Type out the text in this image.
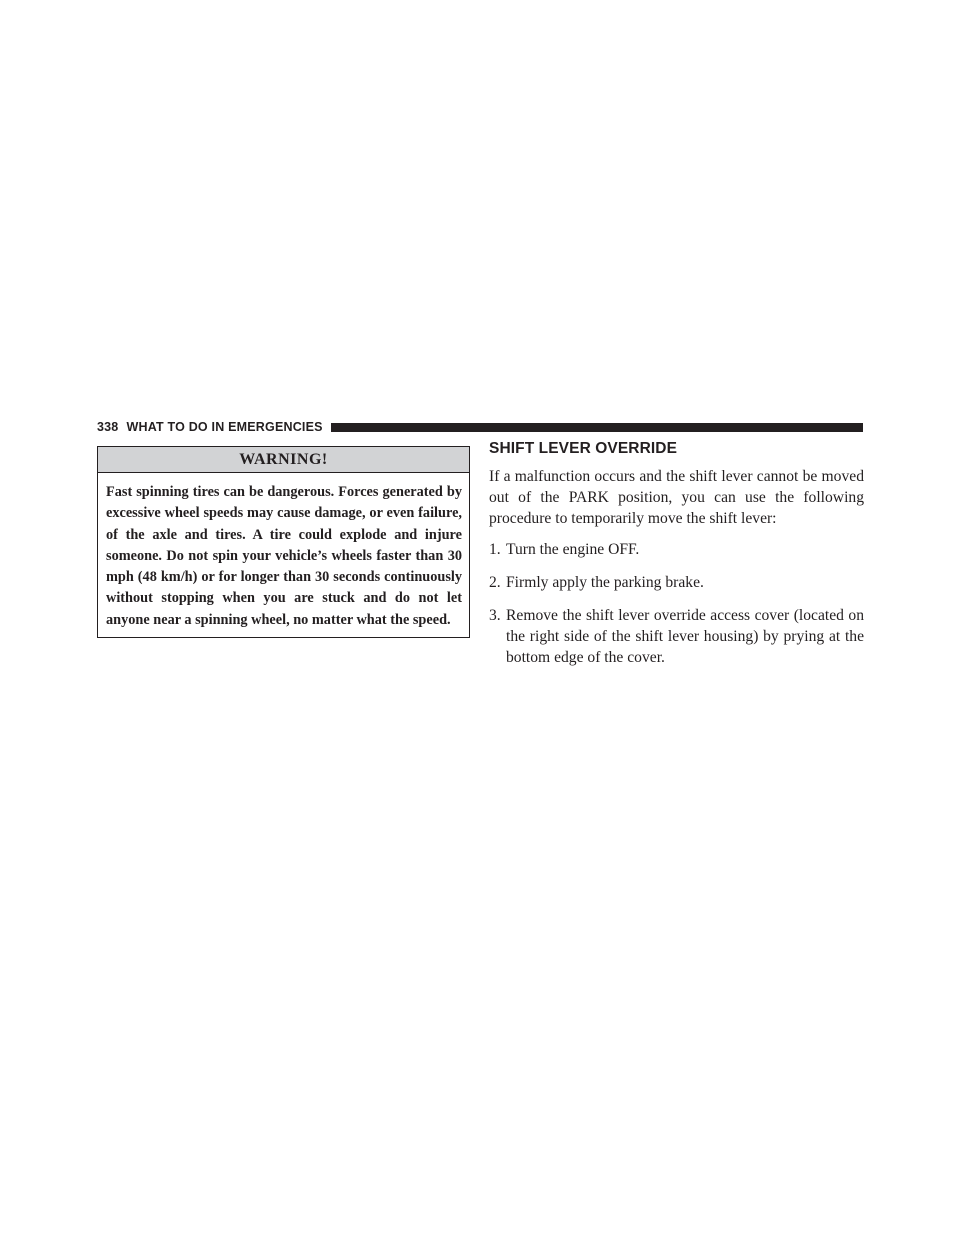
338 WHAT TO DO IN EMERGENCIES
WARNING!
Fast spinning tires can be dangerous. Forces generated by excessive wheel speeds may cause damage, or even failure, of the axle and tires. A tire could explode and injure someone. Do not spin your vehicle’s wheels faster than 30 mph (48 km/h) or for longer than 30 seconds continuously without stopping when you are stuck and do not let anyone near a spinning wheel, no matter what the speed.
SHIFT LEVER OVERRIDE

If a malfunction occurs and the shift lever cannot be moved out of the PARK position, you can use the following procedure to temporarily move the shift lever:

1. Turn the engine OFF.
2. Firmly apply the parking brake.
3. Remove the shift lever override access cover (located on the right side of the shift lever housing) by prying at the bottom edge of the cover.
